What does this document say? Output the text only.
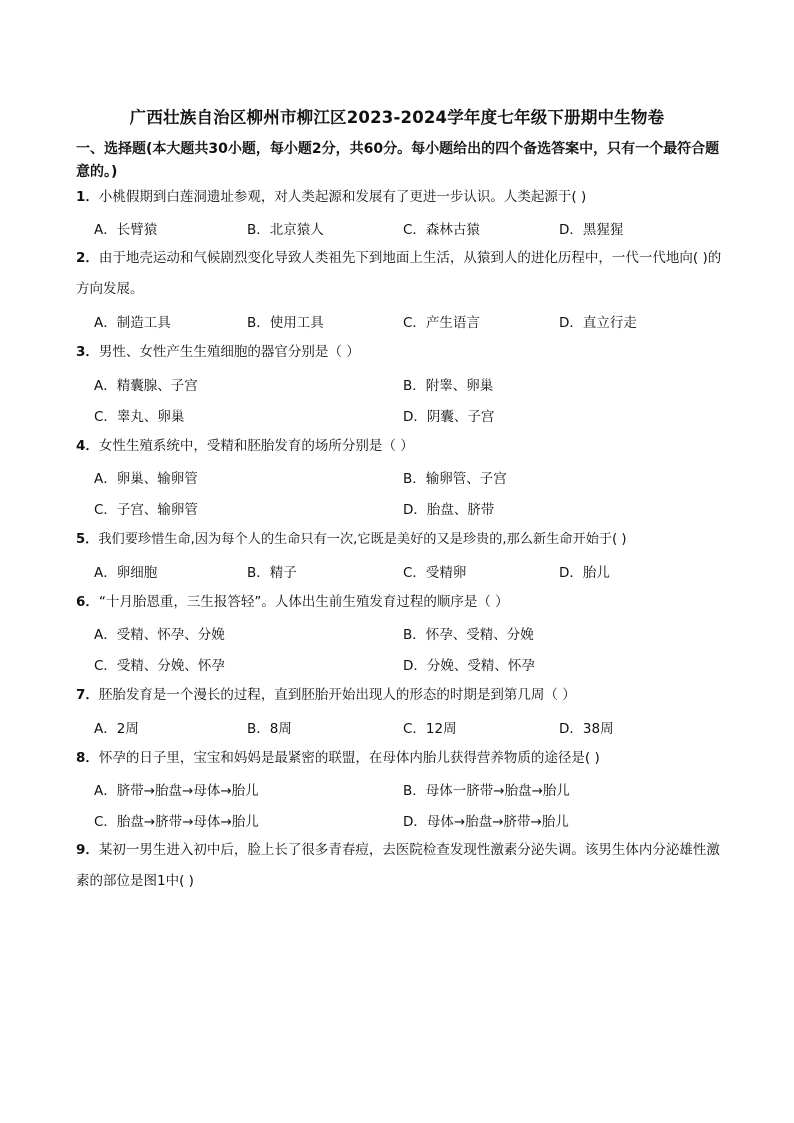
广西壮族自治区柳州市柳江区2023-2024学年度七年级下册期中生物卷
一、选择题(本大题共30小题，每小题2分，共60分。每小题给出的四个备选答案中，只有一个最符合题意的。)
1．小桃假期到白莲洞遗址参观，对人类起源和发展有了更进一步认识。人类起源于( )
A．长臂猿	B．北京猿人	C．森林古猿	D．黑猩猩
2．由于地壳运动和气候剧烈变化导致人类祖先下到地面上生活，从猿到人的进化历程中，一代一代地向( )的方向发展。
A．制造工具	B．使用工具	C．产生语言	D．直立行走
3．男性、女性产生生殖细胞的器官分别是（ ）
A．精囊腺、子宫	B．附睾、卵巢
C．睾丸、卵巢	D．阴囊、子宫
4．女性生殖系统中，受精和胚胎发育的场所分别是（ ）
A．卵巢、输卵管	B．输卵管、子宫
C．子宫、输卵管	D．胎盘、脐带
5．我们要珍惜生命,因为每个人的生命只有一次,它既是美好的又是珍贵的,那么新生命开始于( )
A．卵细胞	B．精子	C．受精卵	D．胎儿
6．“十月胎恩重，三生报答轻”。人体出生前生殖发育过程的顺序是（ ）
A．受精、怀孕、分娩	B．怀孕、受精、分娩
C．受精、分娩、怀孕	D．分娩、受精、怀孕
7．胚胎发育是一个漫长的过程，直到胚胎开始出现人的形态的时期是到第几周（ ）
A．2周	B．8周	C．12周	D．38周
8．怀孕的日子里，宝宝和妈妈是最紧密的联盟，在母体内胎儿获得营养物质的途径是( )
A．脐带→胎盘→母体→胎儿	B．母体一脐带→胎盘→胎儿
C．胎盘→脐带→母体→胎儿	D．母体→胎盘→脐带→胎儿
9．某初一男生进入初中后，脸上长了很多青春痘，去医院检查发现性激素分泌失调。该男生体内分泌雄性激素的部位是图1中( )
